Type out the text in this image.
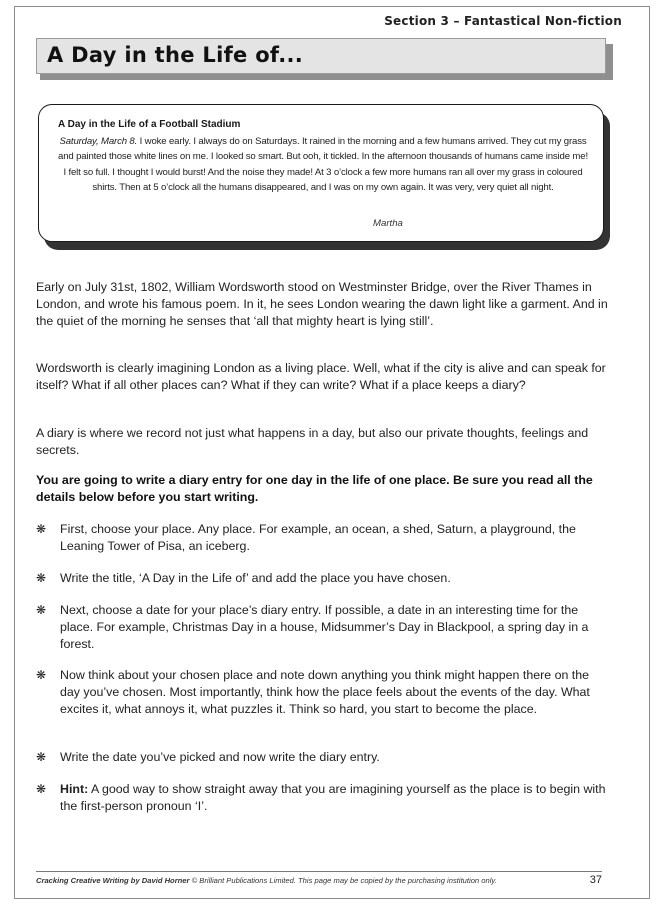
Section 3 – Fantastical Non-fiction
A Day in the Life of...
A Day in the Life of a Football Stadium
Saturday, March 8. I woke early. I always do on Saturdays. It rained in the morning and a few humans arrived. They cut my grass and painted those white lines on me. I looked so smart. But ooh, it tickled. In the afternoon thousands of humans came inside me! I felt so full. I thought I would burst! And the noise they made! At 3 o’clock a few more humans ran all over my grass in coloured shirts. Then at 5 o’clock all the humans disappeared, and I was on my own again. It was very, very quiet all night.
Martha
Early on July 31st, 1802, William Wordsworth stood on Westminster Bridge, over the River Thames in London, and wrote his famous poem. In it, he sees London wearing the dawn light like a garment. And in the quiet of the morning he senses that ‘all that mighty heart is lying still’.
Wordsworth is clearly imagining London as a living place. Well, what if the city is alive and can speak for itself? What if all other places can? What if they can write? What if a place keeps a diary?
A diary is where we record not just what happens in a day, but also our private thoughts, feelings and secrets.
You are going to write a diary entry for one day in the life of one place. Be sure you read all the details below before you start writing.
❋ First, choose your place. Any place. For example, an ocean, a shed, Saturn, a playground, the Leaning Tower of Pisa, an iceberg.
❋ Write the title, ‘A Day in the Life of’ and add the place you have chosen.
❋ Next, choose a date for your place’s diary entry. If possible, a date in an interesting time for the place. For example, Christmas Day in a house, Midsummer’s Day in Blackpool, a spring day in a forest.
❋ Now think about your chosen place and note down anything you think might happen there on the day you’ve chosen. Most importantly, think how the place feels about the events of the day. What excites it, what annoys it, what puzzles it. Think so hard, you start to become the place.
❋ Write the date you’ve picked and now write the diary entry.
❋ Hint: A good way to show straight away that you are imagining yourself as the place is to begin with the first-person pronoun ‘I’.
Cracking Creative Writing by David Horner © Brilliant Publications Limited. This page may be copied by the purchasing institution only.	37
